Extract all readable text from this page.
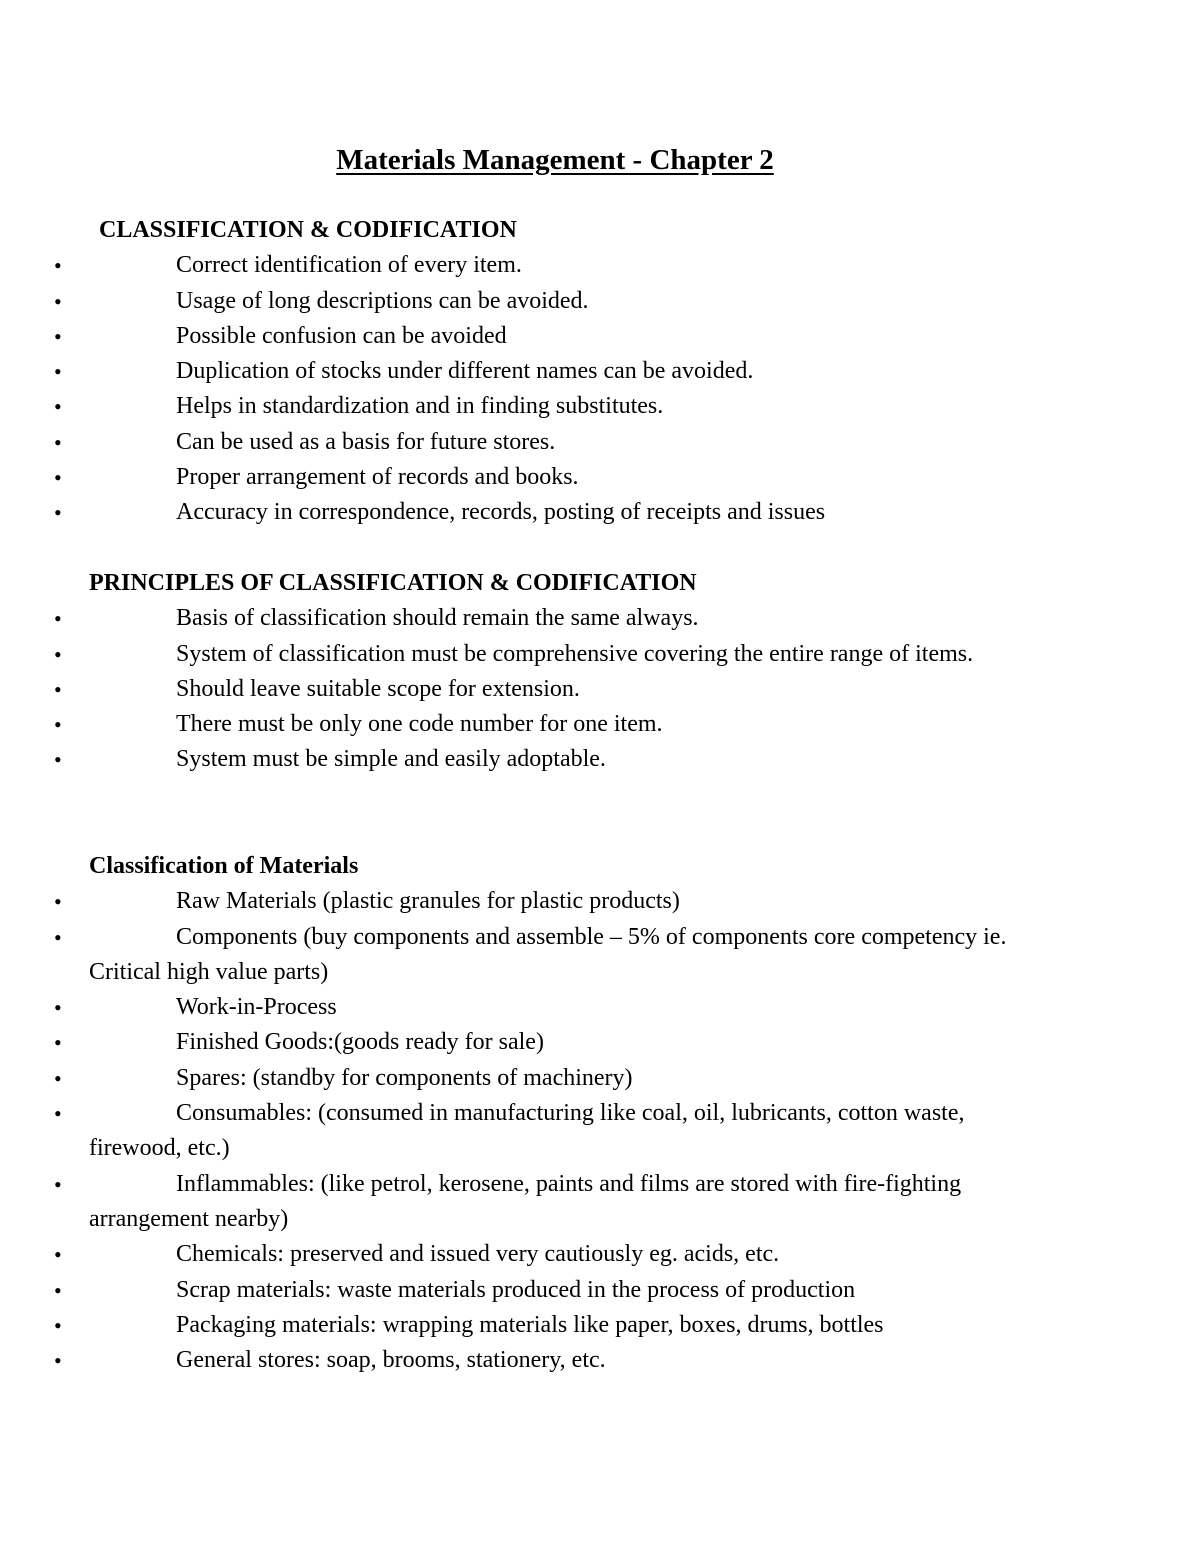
Materials Management - Chapter 2
CLASSIFICATION & CODIFICATION
•	Correct identification of every item.
•	Usage of long descriptions can be avoided.
•	Possible confusion can be avoided
•	Duplication of stocks under different names can be avoided.
•	Helps in standardization and in finding substitutes.
•	Can be used as a basis for future stores.
•	Proper arrangement of records and books.
•	Accuracy in correspondence, records, posting of receipts and issues
PRINCIPLES OF CLASSIFICATION & CODIFICATION
•	Basis of classification should remain the same always.
•	System of classification must be comprehensive covering the entire range of items.
•	Should leave suitable scope for extension.
•	There must be only one code number for one item.
•	System must be simple and easily adoptable.
Classification of Materials
•	Raw Materials (plastic granules for plastic products)
•	Components (buy components and assemble – 5% of components core competency ie. Critical high value parts)
•	Work-in-Process
•	Finished Goods:(goods ready for sale)
•	Spares: (standby for components of machinery)
•	Consumables: (consumed in manufacturing like coal, oil, lubricants, cotton waste, firewood, etc.)
•	Inflammables: (like petrol, kerosene, paints and films are stored with fire-fighting arrangement nearby)
•	Chemicals: preserved and issued very cautiously eg. acids, etc.
•	Scrap materials: waste materials produced in the process of production
•	Packaging materials: wrapping materials like paper, boxes, drums, bottles
•	General stores: soap, brooms, stationery, etc.
